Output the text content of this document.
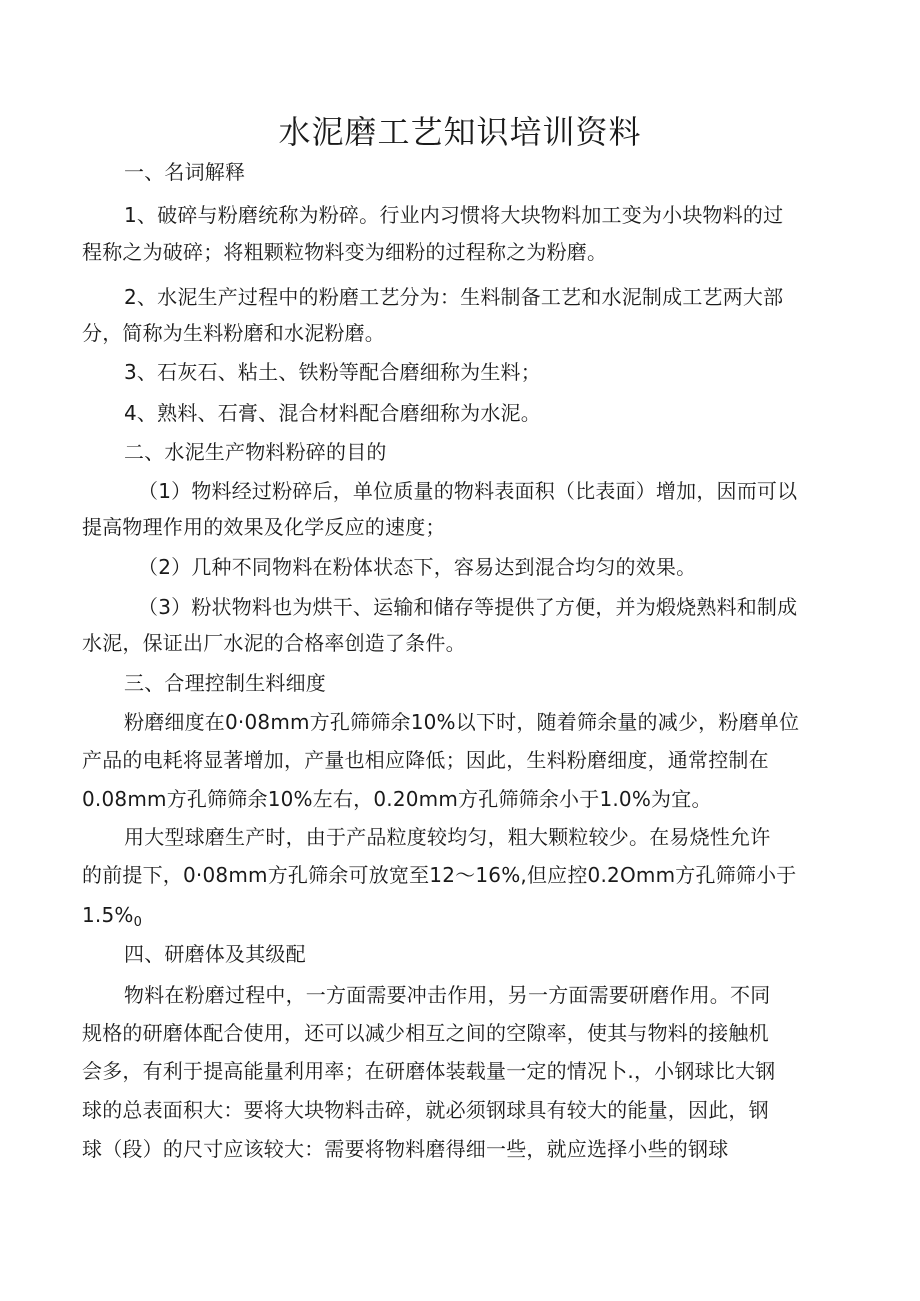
水泥磨工艺知识培训资料
一、名词解释
1、破碎与粉磨统称为粉碎。行业内习惯将大块物料加工变为小块物料的过
程称之为破碎；将粗颗粒物料变为细粉的过程称之为粉磨。
2、水泥生产过程中的粉磨工艺分为：生料制备工艺和水泥制成工艺两大部
分，简称为生料粉磨和水泥粉磨。
3、石灰石、粘土、铁粉等配合磨细称为生料；
4、熟料、石膏、混合材料配合磨细称为水泥。
二、水泥生产物料粉碎的目的
（1）物料经过粉碎后，单位质量的物料表面积（比表面）增加，因而可以
提高物理作用的效果及化学反应的速度；
（2）几种不同物料在粉体状态下，容易达到混合均匀的效果。
（3）粉状物料也为烘干、运输和储存等提供了方便，并为煅烧熟料和制成
水泥，保证出厂水泥的合格率创造了条件。
三、合理控制生料细度
粉磨细度在0·08mm方孔筛筛余10%以下时，随着筛余量的减少，粉磨单位
产品的电耗将显著增加，产量也相应降低；因此，生料粉磨细度，通常控制在
0.08mm方孔筛筛余10%左右，0.20mm方孔筛筛余小于1.0%为宜。
用大型球磨生产时，由于产品粒度较均匀，粗大颗粒较少。在易烧性允许
的前提下，0·08mm方孔筛余可放宽至12～16%,但应控0.2Omm方孔筛筛小于
$1.5\%_0$
四、研磨体及其级配
物料在粉磨过程中，一方面需要冲击作用，另一方面需要研磨作用。不同
规格的研磨体配合使用，还可以减少相互之间的空隙率，使其与物料的接触机
会多，有利于提高能量利用率；在研磨体装载量一定的情况卜.，小钢球比大钢
球的总表面积大：要将大块物料击碎，就必须钢球具有较大的能量，因此，钢
球（段）的尺寸应该较大：需要将物料磨得细一些，就应选择小些的钢球
